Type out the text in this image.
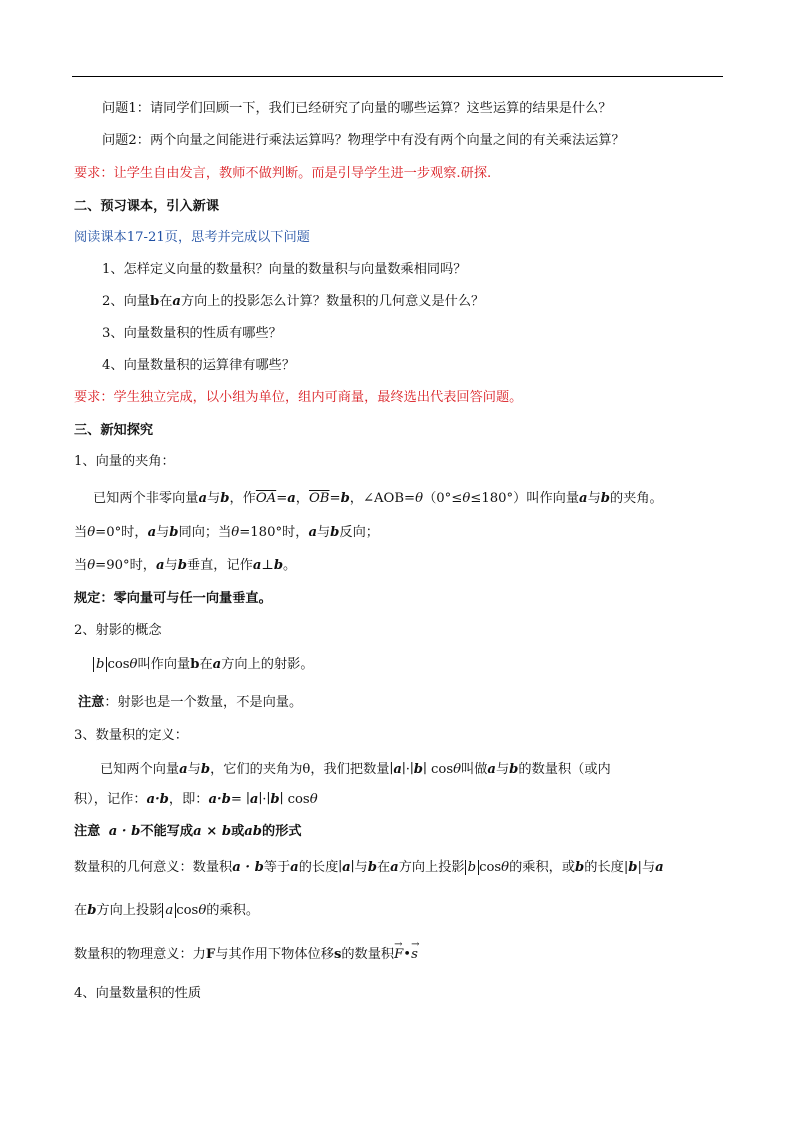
问题1：请同学们回顾一下，我们已经研究了向量的哪些运算？这些运算的结果是什么？
问题2：两个向量之间能进行乘法运算吗？物理学中有没有两个向量之间的有关乘法运算？
要求：让学生自由发言，教师不做判断。而是引导学生进一步观察.研探.
二、预习课本，引入新课
阅读课本17-21页，思考并完成以下问题
1、怎样定义向量的数量积？向量的数量积与向量数乘相同吗？
2、向量b在a方向上的投影怎么计算？数量积的几何意义是什么？
3、向量数量积的性质有哪些？
4、向量数量积的运算律有哪些？
要求：学生独立完成，以小组为单位，组内可商量，最终选出代表回答问题。
三、新知探究
1、向量的夹角：
已知两个非零向量a与b，作$\overline{OA}=a$，$\overline{OB}=b$，∠AOB=θ（0°≤θ≤180°）叫作向量a与b的夹角。
当θ=0°时，a与b同向；当θ=180°时，a与b反向；
当θ=90°时，a与b垂直，记作a⊥b。
规定：零向量可与任一向量垂直。
2、射影的概念
b cosθ叫作向量b在a方向上的射影。
注意：射影也是一个数量，不是向量。
3、数量积的定义：
已知两个向量a与b，它们的夹角为θ，我们把数量∣a∣·∣b∣ cosθ叫做a与b的数量积（或内
积），记作：a·b，即：a·b= ∣a∣·∣b∣ cosθ
注意 a · b不能写成a × b或ab的形式
数量积的几何意义：数量积a · b等于a的长度∣a∣与b在a方向上投影 b cosθ的乘积，或b的长度|b|与a
在b方向上投影 a cosθ的乘积。
数量积的物理意义：力F与其作用下物体位移s的数量积→ F•→ s
4、向量数量积的性质
